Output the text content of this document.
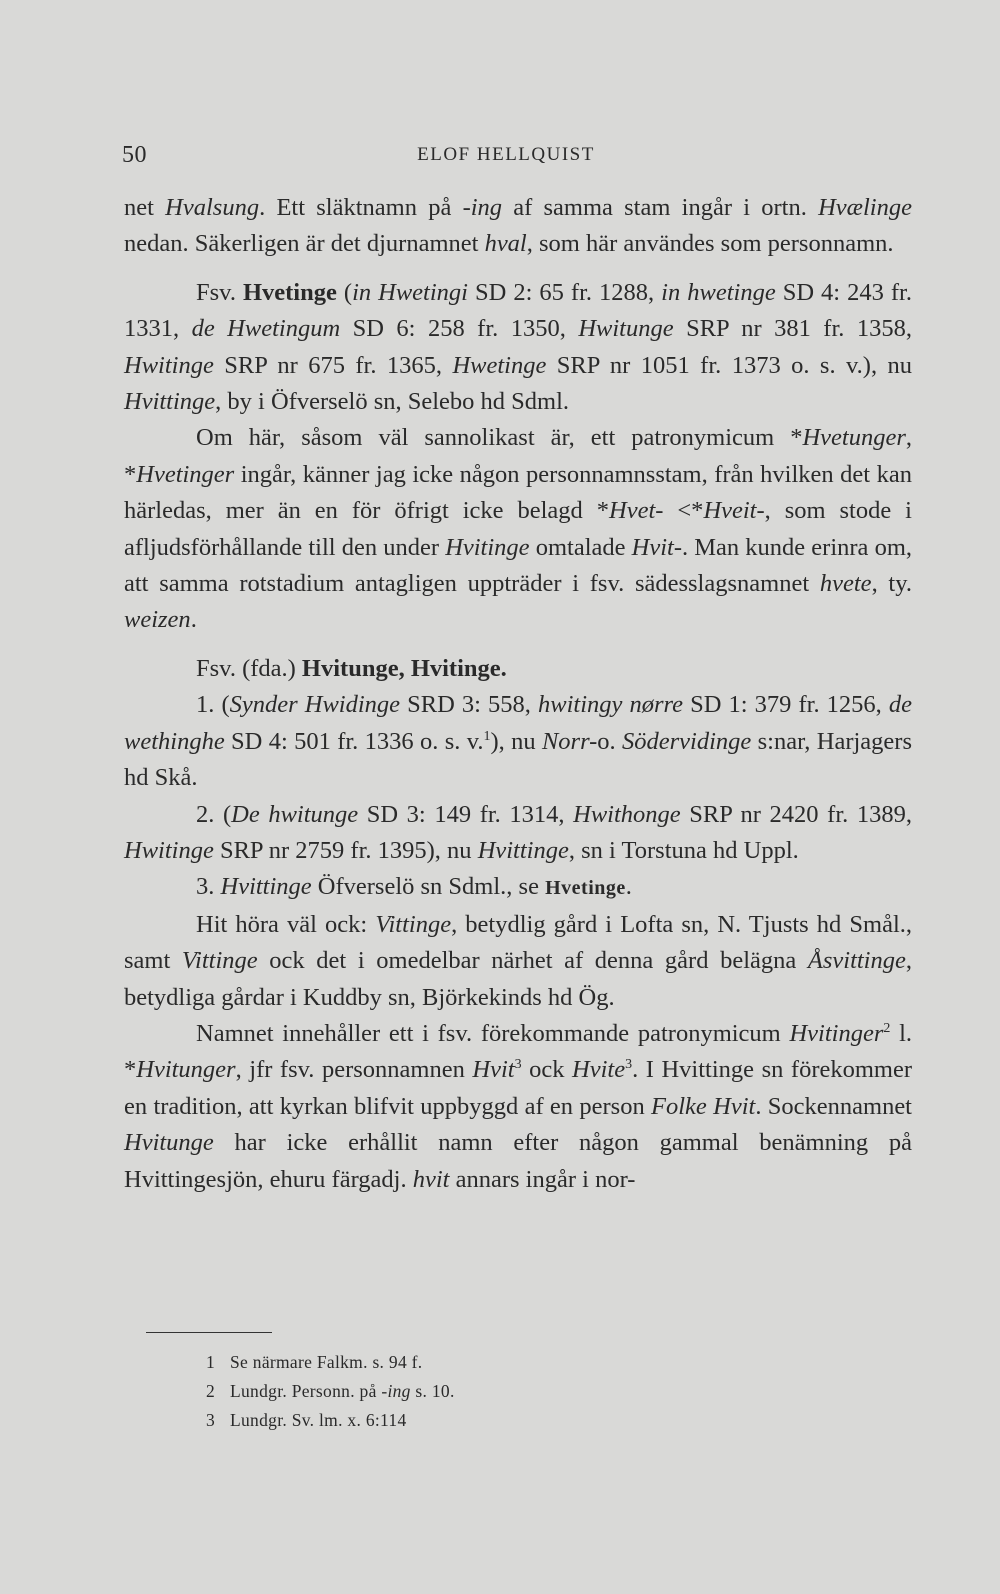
50	ELOF HELLQUIST

net Hvalsung. Ett släktnamn på -ing af samma stam ingår i ortn. Hvælinge nedan. Säkerligen är det djurnamnet hval, som här användes som personnamn.

Fsv. Hvetinge (in Hwetingi SD 2: 65 fr. 1288, in hwetinge SD 4: 243 fr. 1331, de Hwetingum SD 6: 258 fr. 1350, Hwitunge SRP nr 381 fr. 1358, Hwitinge SRP nr 675 fr. 1365, Hwetinge SRP nr 1051 fr. 1373 o. s. v.), nu Hvittinge, by i Öfverselö sn, Selebo hd Sdml.

Om här, såsom väl sannolikast är, ett patronymicum *Hvetunger, *Hvetinger ingår, känner jag icke någon personnamnsstam, från hvilken det kan härledas, mer än en för öfrigt icke belagd *Hvet- <*Hveit-, som stode i afljudsförhållande till den under Hvitinge omtalade Hvit-. Man kunde erinra om, att samma rotstadium antagligen uppträder i fsv. sädesslagsnamnet hvete, ty. weizen.

Fsv. (fda.) Hvitunge, Hvitinge.

1. (Synder Hwidinge SRD 3: 558, hwitingy nørre SD 1: 379 fr. 1256, de wethinghe SD 4: 501 fr. 1336 o. s. v.$^1$), nu Norr-o. Södervidinge s:nar, Harjagers hd Skå.

2. (De hwitunge SD 3: 149 fr. 1314, Hwithonge SRP nr 2420 fr. 1389, Hwitinge SRP nr 2759 fr. 1395), nu Hvittinge, sn i Torstuna hd Uppl.

3. Hvittinge Öfverselö sn Sdml., se Hvetinge.

Hit höra väl ock: Vittinge, betydlig gård i Lofta sn, N. Tjusts hd Smål., samt Vittinge ock det i omedelbar närhet af denna gård belägna Åsvittinge, betydliga gårdar i Kuddby sn, Björkekinds hd Ög.

Namnet innehåller ett i fsv. förekommande patronymicum Hvitinger$^2$ l. *Hvitunger, jfr fsv. personnamnen Hvit$^3$ ock Hvite$^3$. I Hvittinge sn förekommer en tradition, att kyrkan blifvit uppbyggd af en person Folke Hvit. Sockennamnet Hvitunge har icke erhållit namn efter någon gammal benämning på Hvittingesjön, ehuru färgadj. hvit annars ingår i nor-

1 Se närmare Falkm. s. 94 f.

2 Lundgr. Personn. på -ing s. 10.

3 Lundgr. Sv. lm. x. 6:114
